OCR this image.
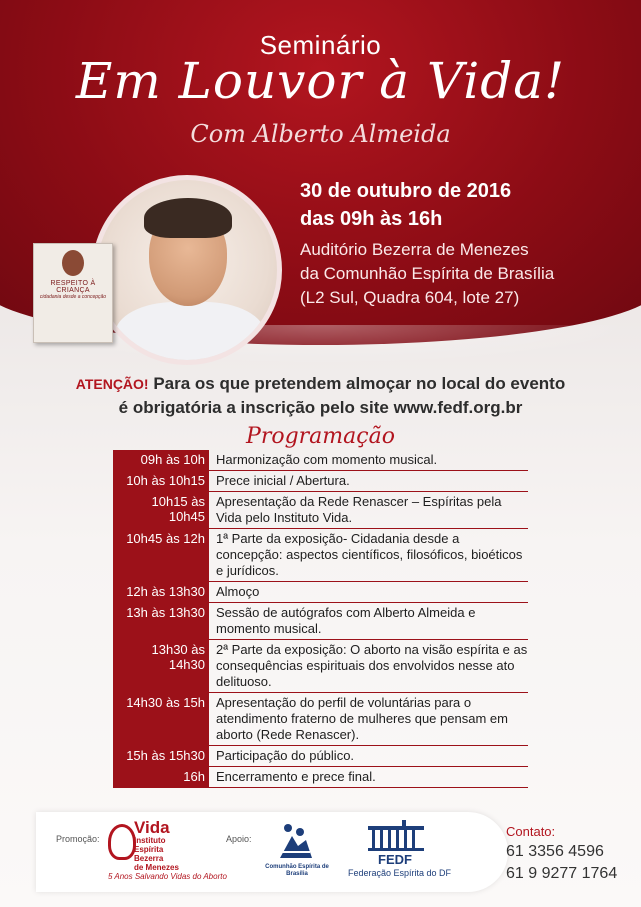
Seminário
Em Louvor à Vida!
Com Alberto Almeida
RESPEITO À CRIANÇA
cidadania desde a concepção
30 de outubro de 2016
das 09h às 16h
Auditório Bezerra de Menezes
da Comunhão Espírita de Brasília
(L2 Sul, Quadra 604, lote 27)
ATENÇÃO! Para os que pretendem almoçar no local do evento
é obrigatória a inscrição pelo site www.fedf.org.br
Programação
09h às 10h Harmonização com momento musical.
10h às 10h15 Prece inicial / Abertura.
10h15 às 10h45
Apresentação da Rede Renascer – Espíritas pela Vida pelo Instituto Vida.
10h45 às 12h 1ª Parte da exposição- Cidadania desde a concepção: aspectos científicos, filosóficos, bioéticos e jurídicos.
12h às 13h30 Almoço
13h às 13h30 Sessão de autógrafos com Alberto Almeida e momento musical.
13h30 às 14h30
2ª Parte da exposição: O aborto na visão espírita e as consequências espirituais dos envolvidos nesse ato delituoso.
14h30 às 15h Apresentação do perfil de voluntárias para o atendimento fraterno de mulheres que pensam em aborto (Rede Renascer).
15h às 15h30 Participação do público.
16h Encerramento e prece final.
Promoção:
Vida
Instituto
Espírita
Bezerra
de Menezes
5 Anos Salvando Vidas do Aborto
Apoio:
Comunhão Espírita de Brasília
FEDF
Federação Espírita do DF
Contato:
61 3356 4596
61 9 9277 1764
